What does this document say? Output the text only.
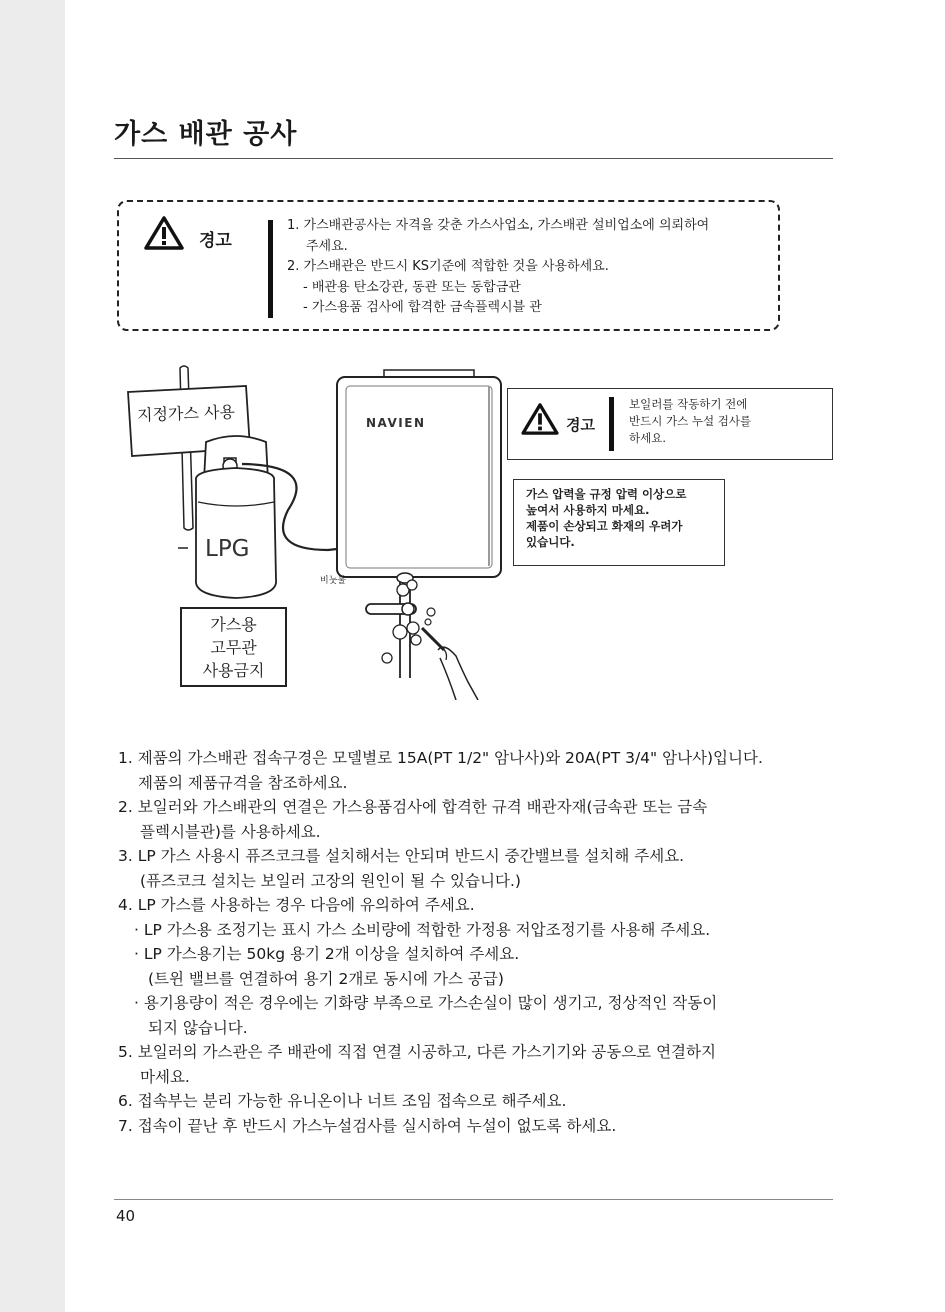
가스 배관 공사
경고
1. 가스배관공사는 자격을 갖춘 가스사업소, 가스배관 설비업소에 의뢰하여
주세요.
2. 가스배관은 반드시 KS기준에 적합한 것을 사용하세요.
- 배관용 탄소강관, 동관 또는 동합금관
- 가스용품 검사에 합격한 금속플렉시블 관
지정가스 사용
LPG
NAVIEN
비눗물
경고
보일러를 작동하기 전에
반드시 가스 누설 검사를
하세요.
가스 압력을 규정 압력 이상으로
높여서 사용하지 마세요.
제품이 손상되고 화재의 우려가
있습니다.
가스용
고무관
사용금지
1. 제품의 가스배관 접속구경은 모델별로 15A(PT 1/2" 암나사)와 20A(PT 3/4" 암나사)입니다.
제품의 제품규격을 참조하세요.
2. 보일러와 가스배관의 연결은 가스용품검사에 합격한 규격 배관자재(금속관 또는 금속
플렉시블관)를 사용하세요.
3. LP 가스 사용시 퓨즈코크를 설치해서는 안되며 반드시 중간밸브를 설치해 주세요.
(퓨즈코크 설치는 보일러 고장의 원인이 될 수 있습니다.)
4. LP 가스를 사용하는 경우 다음에 유의하여 주세요.
· LP 가스용 조정기는 표시 가스 소비량에 적합한 가정용 저압조정기를 사용해 주세요.
· LP 가스용기는 50kg 용기 2개 이상을 설치하여 주세요.
(트윈 밸브를 연결하여 용기 2개로 동시에 가스 공급)
· 용기용량이 적은 경우에는 기화량 부족으로 가스손실이 많이 생기고, 정상적인 작동이
되지 않습니다.
5. 보일러의 가스관은 주 배관에 직접 연결 시공하고, 다른 가스기기와 공동으로 연결하지
마세요.
6. 접속부는 분리 가능한 유니온이나 너트 조임 접속으로 해주세요.
7. 접속이 끝난 후 반드시 가스누설검사를 실시하여 누설이 없도록 하세요.
40
